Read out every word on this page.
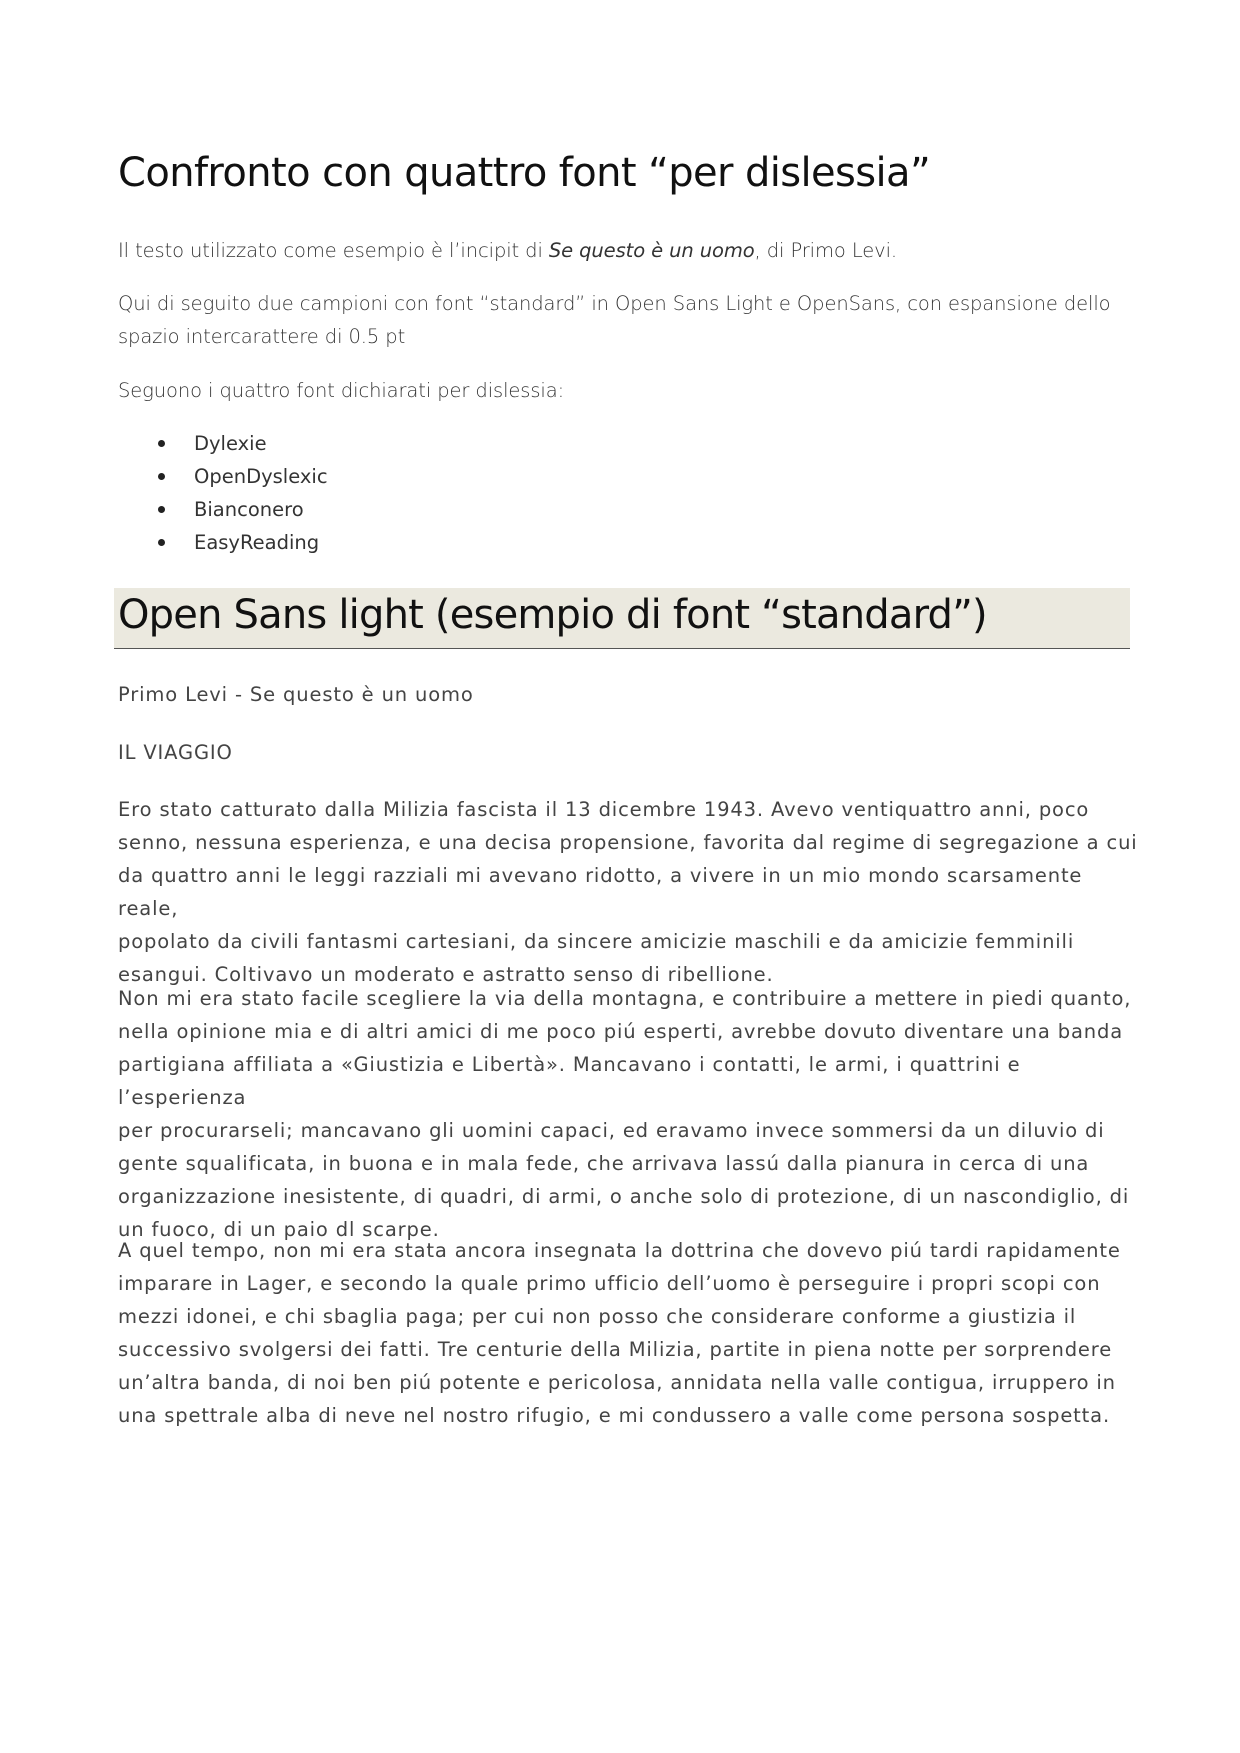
Confronto con quattro font “per dislessia”

Il testo utilizzato come esempio è l’incipit di Se questo è un uomo, di Primo Levi.

Qui di seguito due campioni con font “standard” in Open Sans Light e OpenSans, con espansione dello
spazio intercarattere di 0.5 pt

Seguono i quattro font dichiarati per dislessia:

Dylexie
OpenDyslexic
Bianconero
EasyReading
Open Sans light (esempio di font “standard”)

Primo Levi - Se questo è un uomo

IL VIAGGIO

Ero stato catturato dalla Milizia fascista il 13 dicembre 1943. Avevo ventiquattro anni, poco
senno, nessuna esperienza, e una decisa propensione, favorita dal regime di segregazione a cui
da quattro anni le leggi razziali mi avevano ridotto, a vivere in un mio mondo scarsamente reale,
popolato da civili fantasmi cartesiani, da sincere amicizie maschili e da amicizie femminili
esangui. Coltivavo un moderato e astratto senso di ribellione.
Non mi era stato facile scegliere la via della montagna, e contribuire a mettere in piedi quanto,
nella opinione mia e di altri amici di me poco piú esperti, avrebbe dovuto diventare una banda
partigiana affiliata a «Giustizia e Libertà». Mancavano i contatti, le armi, i quattrini e l’esperienza
per procurarseli; mancavano gli uomini capaci, ed eravamo invece sommersi da un diluvio di
gente squalificata, in buona e in mala fede, che arrivava lassú dalla pianura in cerca di una
organizzazione inesistente, di quadri, di armi, o anche solo di protezione, di un nascondiglio, di
un fuoco, di un paio dl scarpe.
A quel tempo, non mi era stata ancora insegnata la dottrina che dovevo piú tardi rapidamente
imparare in Lager, e secondo la quale primo ufficio dell’uomo è perseguire i propri scopi con
mezzi idonei, e chi sbaglia paga; per cui non posso che considerare conforme a giustizia il
successivo svolgersi dei fatti. Tre centurie della Milizia, partite in piena notte per sorprendere
un’altra banda, di noi ben piú potente e pericolosa, annidata nella valle contigua, irruppero in
una spettrale alba di neve nel nostro rifugio, e mi condussero a valle come persona sospetta.
